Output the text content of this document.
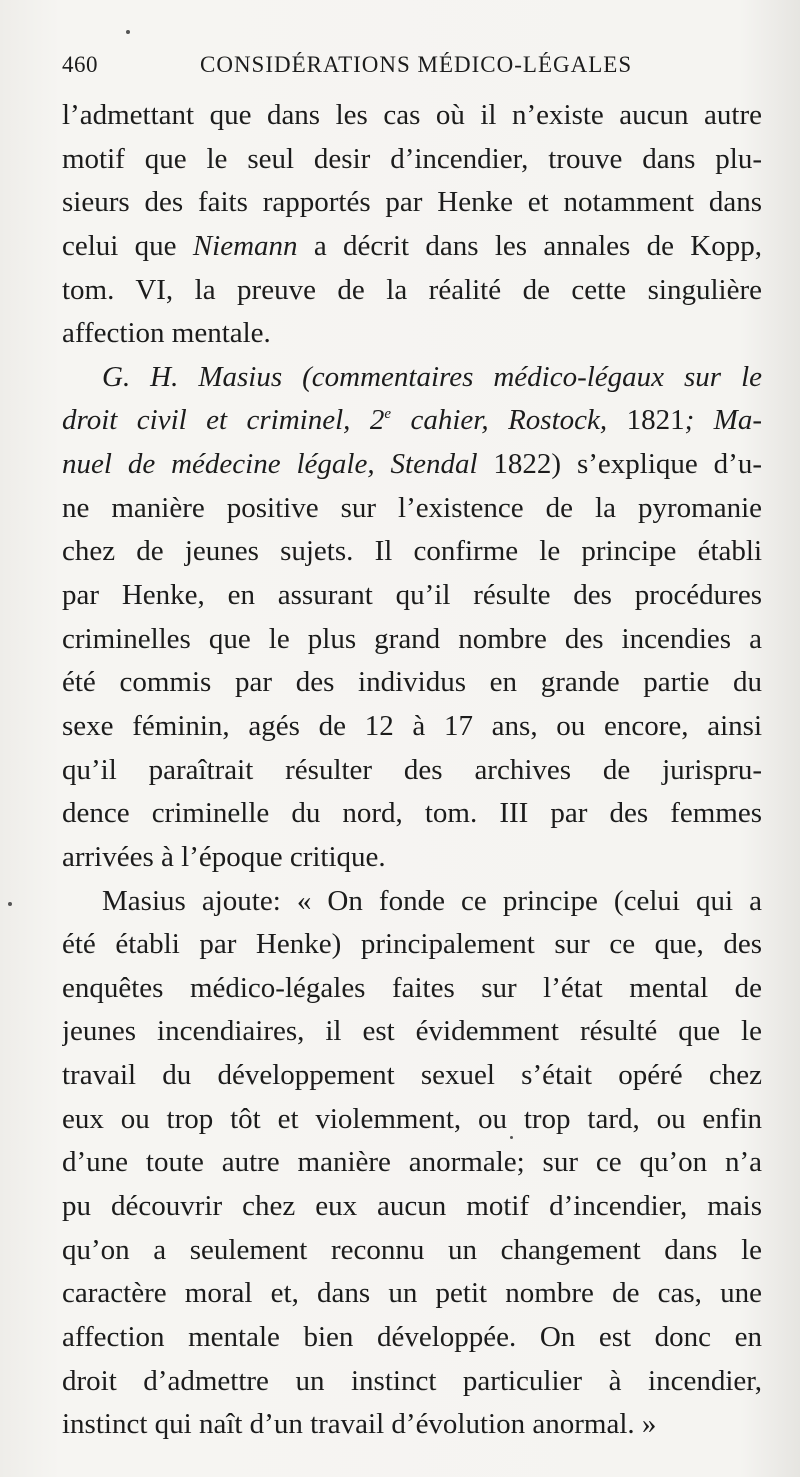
460	CONSIDÉRATIONS MÉDICO-LÉGALES
l’admettant que dans les cas où il n’existe aucun autre
motif que le seul desir d’incendier, trouve dans plu-
sieurs des faits rapportés par Henke et notamment dans
celui que Niemann a décrit dans les annales de Kopp,
tom. VI, la preuve de la réalité de cette singulière
affection mentale.
G. H. Masius (commentaires médico-légaux sur le
droit civil et criminel, 2e cahier, Rostock, 1821; Ma-
nuel de médecine légale, Stendal 1822) s’explique d’u-
ne manière positive sur l’existence de la pyromanie
chez de jeunes sujets. Il confirme le principe établi
par Henke, en assurant qu’il résulte des procédures
criminelles que le plus grand nombre des incendies a
été commis par des individus en grande partie du
sexe féminin, agés de 12 à 17 ans, ou encore, ainsi
qu’il paraîtrait résulter des archives de jurispru-
dence criminelle du nord, tom. III par des femmes
arrivées à l’époque critique.
Masius ajoute: « On fonde ce principe (celui qui a
été établi par Henke) principalement sur ce que, des
enquêtes médico-légales faites sur l’état mental de
jeunes incendiaires, il est évidemment résulté que le
travail du développement sexuel s’était opéré chez
eux ou trop tôt et violemment, ou trop tard, ou enfin
d’une toute autre manière anormale; sur ce qu’on n’a
pu découvrir chez eux aucun motif d’incendier, mais
qu’on a seulement reconnu un changement dans le
caractère moral et, dans un petit nombre de cas, une
affection mentale bien développée. On est donc en
droit d’admettre un instinct particulier à incendier,
instinct qui naît d’un travail d’évolution anormal. »
